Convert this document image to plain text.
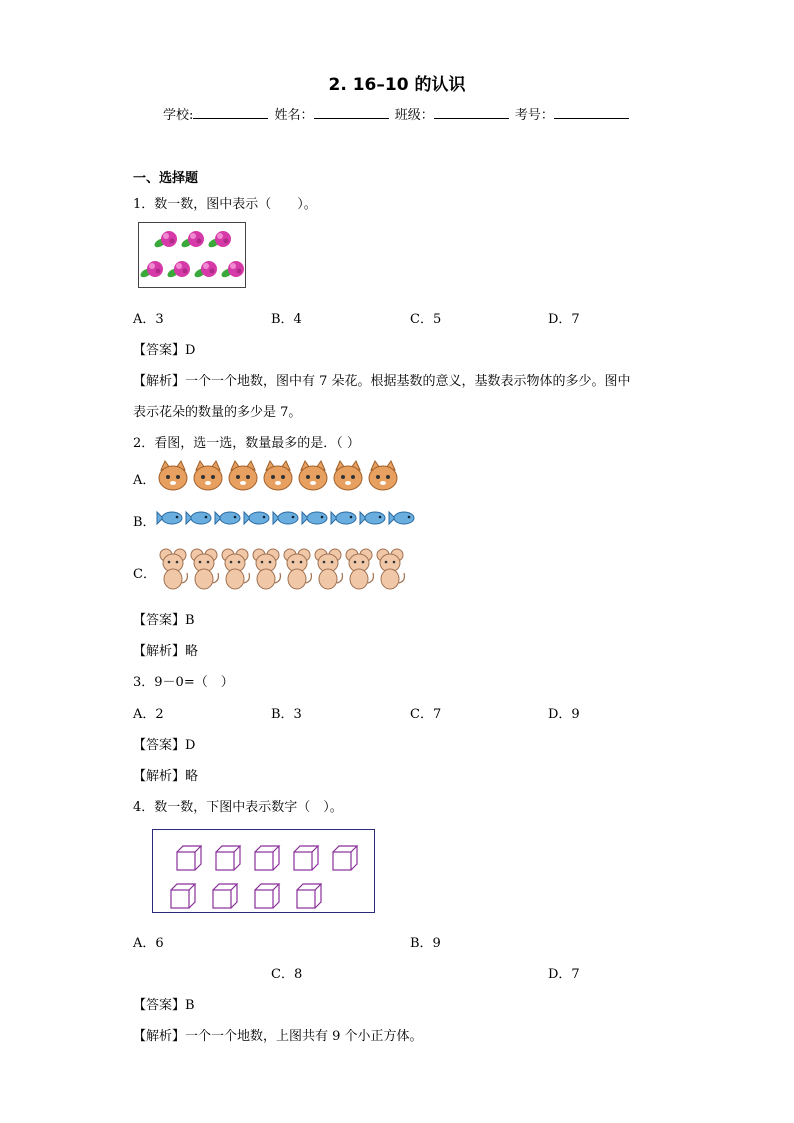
2. 16–10 的认识
学校:	姓名：	班级：	考号：
一、选择题
1．数一数，图中表示（　　）。
A．3	B．4	C．5	D．7
【答案】D
【解析】一个一个地数，图中有 7 朵花。根据基数的意义，基数表示物体的多少。图中
表示花朵的数量的多少是 7。
2．看图，选一选，数量最多的是．（ ）
A．
B．
C．
【答案】B
【解析】略
3．9－0=（　）
A．2	B．3	C．7	D．9
【答案】D
【解析】略
4．数一数，下图中表示数字（　）。
A．6	B．9
C．8	D．7
【答案】B
【解析】一个一个地数，上图共有 9 个小正方体。
